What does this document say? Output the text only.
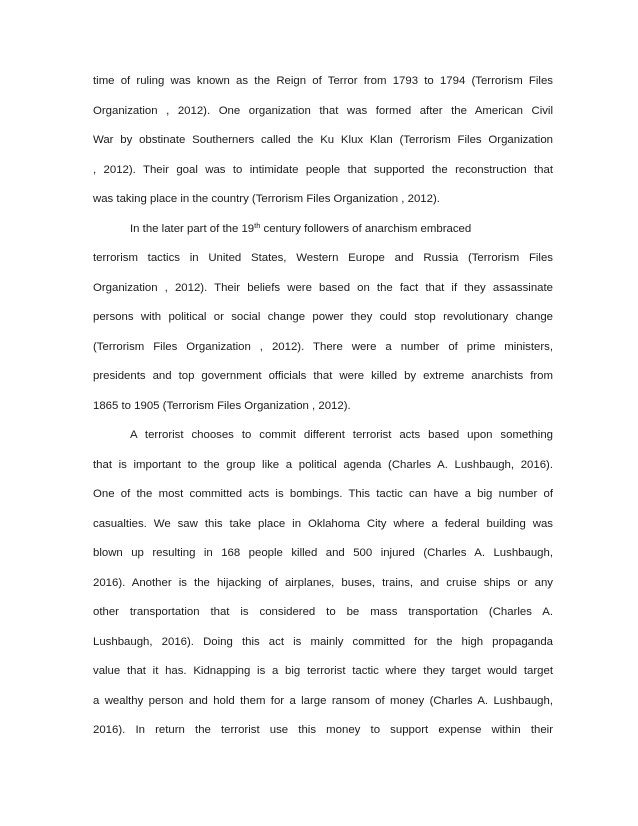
time of ruling was known as the Reign of Terror from 1793 to 1794 (Terrorism Files
Organization , 2012). One organization that was formed after the American Civil
War by obstinate Southerners called the Ku Klux Klan (Terrorism Files Organization
, 2012). Their goal was to intimidate people that supported the reconstruction that
was taking place in the country (Terrorism Files Organization , 2012).
In the later part of the 19th century followers of anarchism embraced
terrorism tactics in United States, Western Europe and Russia (Terrorism Files
Organization , 2012). Their beliefs were based on the fact that if they assassinate
persons with political or social change power they could stop revolutionary change
(Terrorism Files Organization , 2012). There were a number of prime ministers,
presidents and top government officials that were killed by extreme anarchists from
1865 to 1905 (Terrorism Files Organization , 2012).
A terrorist chooses to commit different terrorist acts based upon something
that is important to the group like a political agenda (Charles A. Lushbaugh, 2016).
One of the most committed acts is bombings. This tactic can have a big number of
casualties. We saw this take place in Oklahoma City where a federal building was
blown up resulting in 168 people killed and 500 injured (Charles A. Lushbaugh,
2016). Another is the hijacking of airplanes, buses, trains, and cruise ships or any
other transportation that is considered to be mass transportation (Charles A.
Lushbaugh, 2016). Doing this act is mainly committed for the high propaganda
value that it has. Kidnapping is a big terrorist tactic where they target would target
a wealthy person and hold them for a large ransom of money (Charles A. Lushbaugh,
2016). In return the terrorist use this money to support expense within their
